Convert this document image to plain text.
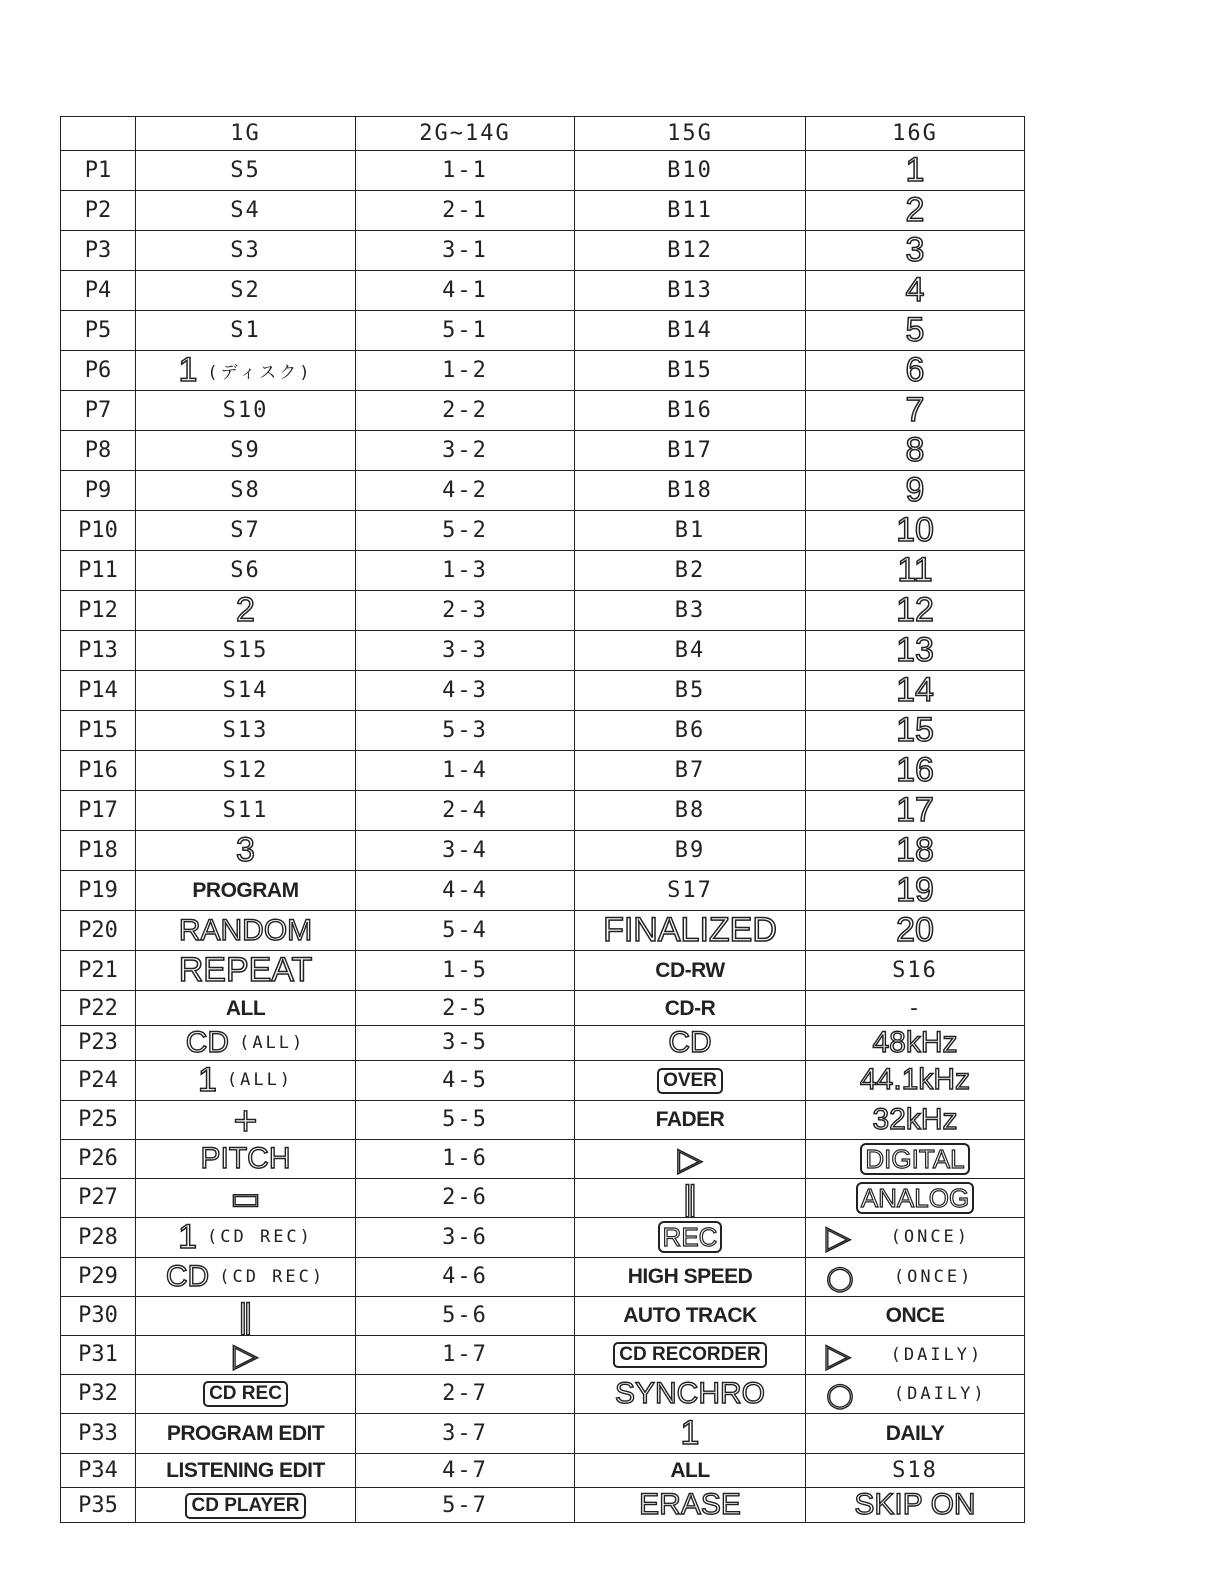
	1G	2G~14G	15G	16G
P1	S5	1-1	B10	1
P2	S4	2-1	B11	2
P3	S3	3-1	B12	3
P4	S2	4-1	B13	4
P5	S1	5-1	B14	5
P6	1 (ディスク)	1-2	B15	6
P7	S10	2-2	B16	7
P8	S9	3-2	B17	8
P9	S8	4-2	B18	9
P10	S7	5-2	B1	10
P11	S6	1-3	B2	11
P12	2	2-3	B3	12
P13	S15	3-3	B4	13
P14	S14	4-3	B5	14
P15	S13	5-3	B6	15
P16	S12	1-4	B7	16
P17	S11	2-4	B8	17
P18	3	3-4	B9	18
P19	PROGRAM	4-4	S17	19
P20	RANDOM	5-4	FINALIZED	20
P21	REPEAT	1-5	CD-RW	S16
P22	ALL	2-5	CD-R	-
P23	CD (ALL)	3-5	CD	48kHz
P24	1 (ALL)	4-5	OVER	44.1kHz
P25	+	5-5	FADER	32kHz
P26	PITCH	1-6	▷	DIGITAL
P27	▭	2-6	‖	ANALOG
P28	1 (CD REC)	3-6	REC	▷ (ONCE)

P29	CD (CD REC)	4-6	HIGH SPEED	○ (ONCE)

P30	‖	5-6	AUTO TRACK	ONCE
P31	▷	1-7	CD RECORDER	▷ (DAILY)

P32	CD REC	2-7	SYNCHRO	○ (DAILY)

P33	PROGRAM EDIT	3-7	1	DAILY
P34	LISTENING EDIT	4-7	ALL	S18
P35	CD PLAYER	5-7	ERASE	SKIP ON
